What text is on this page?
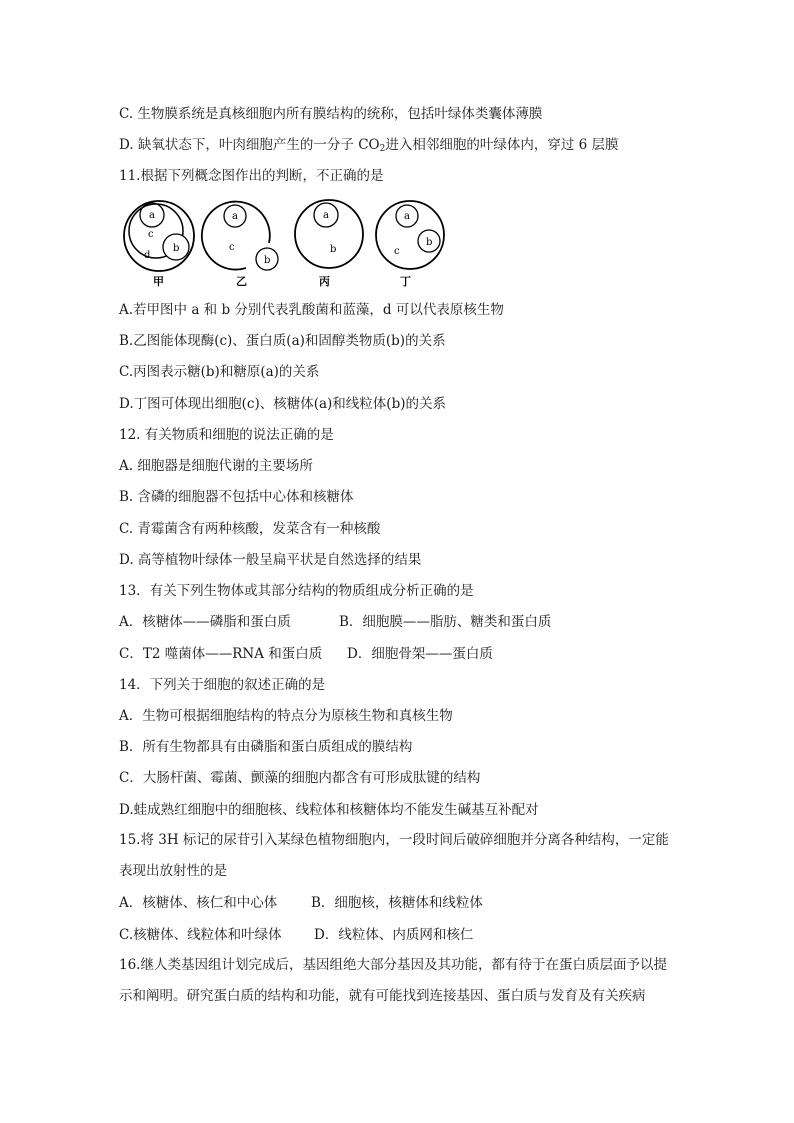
C. 生物膜系统是真核细胞内所有膜结构的统称，包括叶绿体类囊体薄膜
D. 缺氧状态下，叶肉细胞产生的一分子 $CO_2$进入相邻细胞的叶绿体内，穿过 6 层膜
11.根据下列概念图作出的判断，不正确的是
a
c
b
d
甲
a
c
b
乙
a
b
丙
a
c
b
丁
A.若甲图中 a 和 b 分别代表乳酸菌和蓝藻，d 可以代表原核生物
B.乙图能体现酶(c)、蛋白质(a)和固醇类物质(b)的关系
C.丙图表示糖(b)和糖原(a)的关系
D.丁图可体现出细胞(c)、核糖体(a)和线粒体(b)的关系
12. 有关物质和细胞的说法正确的是
A. 细胞器是细胞代谢的主要场所
B. 含磷的细胞器不包括中心体和核糖体
C. 青霉菌含有两种核酸，发菜含有一种核酸
D. 高等植物叶绿体一般呈扁平状是自然选择的结果
13．有关下列生物体或其部分结构的物质组成分析正确的是
A．核糖体——磷脂和蛋白质	B．细胞膜——脂肪、糖类和蛋白质
C．T2 噬菌体——RNA 和蛋白质 D．细胞骨架——蛋白质
14．下列关于细胞的叙述正确的是
A．生物可根据细胞结构的特点分为原核生物和真核生物
B．所有生物都具有由磷脂和蛋白质组成的膜结构
C．大肠杆菌、霉菌、颤藻的细胞内都含有可形成肽键的结构
D.蛙成熟红细胞中的细胞核、线粒体和核糖体均不能发生碱基互补配对
15.将 3H 标记的尿苷引入某绿色植物细胞内，一段时间后破碎细胞并分离各种结构，一定能表现出放射性的是
A．核糖体、核仁和中心体	B．细胞核，核糖体和线粒体
C.核糖体、线粒体和叶绿体 D．线粒体、内质网和核仁
16.继人类基因组计划完成后，基因组绝大部分基因及其功能，都有待于在蛋白质层面予以提示和阐明。研究蛋白质的结构和功能，就有可能找到连接基因、蛋白质与发育及有关疾病
